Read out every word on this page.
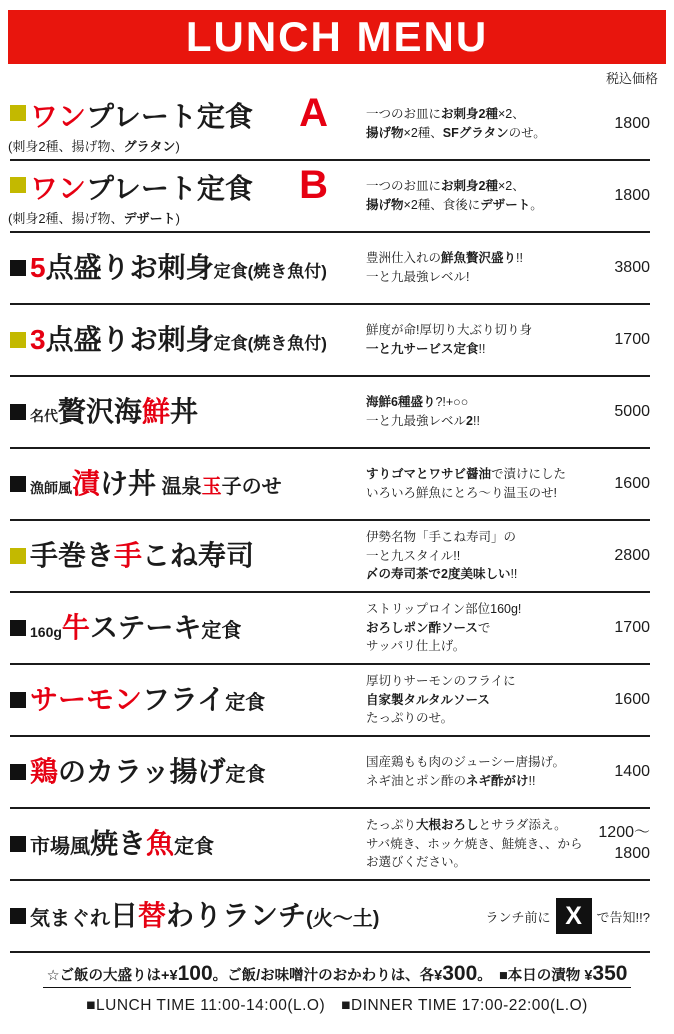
LUNCH MENU
税込価格
ワン プレート定食 A
(刺身2種、揚げ物、グラタン)
一つのお皿にお刺身2種×2、
揚げ物×2種、SFグラタンのせ。
1800
ワン プレート定食 B
(刺身2種、揚げ物、デザート)
一つのお皿にお刺身2種×2、
揚げ物×2種、食後にデザート。
1800
5 点盛りお刺身 定食(焼き魚付)
豊洲仕入れの鮮魚贅沢盛り!!
一と九最強レベル!
3800
3 点盛りお刺身 定食(焼き魚付)
鮮度が命!厚切り大ぶり切り身
一と九サービス定食!!
1700
名代 贅沢海 鮮 丼	海鮮6種盛り?!+○○
一と九最強レベル2!!
5000
漁師風 漬 け丼 温泉 玉 子のせ
すりゴマとワサビ醤油で漬けにした
いろいろ鮮魚にとろ〜り温玉のせ!
1600
手巻き 手 こね寿司
伊勢名物「手こね寿司」の
一と九スタイル!!
〆の寿司茶で2度美味しい!!
2800
160g 牛 ステーキ 定食
ストリップロイン部位160g!
おろしポン酢ソースで
サッパリ仕上げ。
1700
サーモン フライ 定食
厚切りサーモンのフライに
自家製タルタルソース
たっぷりのせ。
1600
鶏 のカラッ揚げ 定食
国産鶏もも肉のジューシー唐揚げ。
ネギ油とポン酢のネギ酢がけ!!
1400
市場風 焼き 魚 定食
たっぷり大根おろしとサラダ添え。
サバ焼き、ホッケ焼き、鮭焼き、、から
お選びください。
1200〜
1800
気まぐれ 日 替 わりランチ (火〜土)	ランチ前に X	で告知!!?
☆ご飯の大盛りは+¥100。ご飯/お味噌汁のおかわりは、各¥300。　■本日の漬物 ¥350
■LUNCH TIME 11:00-14:00(L.O)　■DINNER TIME 17:00-22:00(L.O)
